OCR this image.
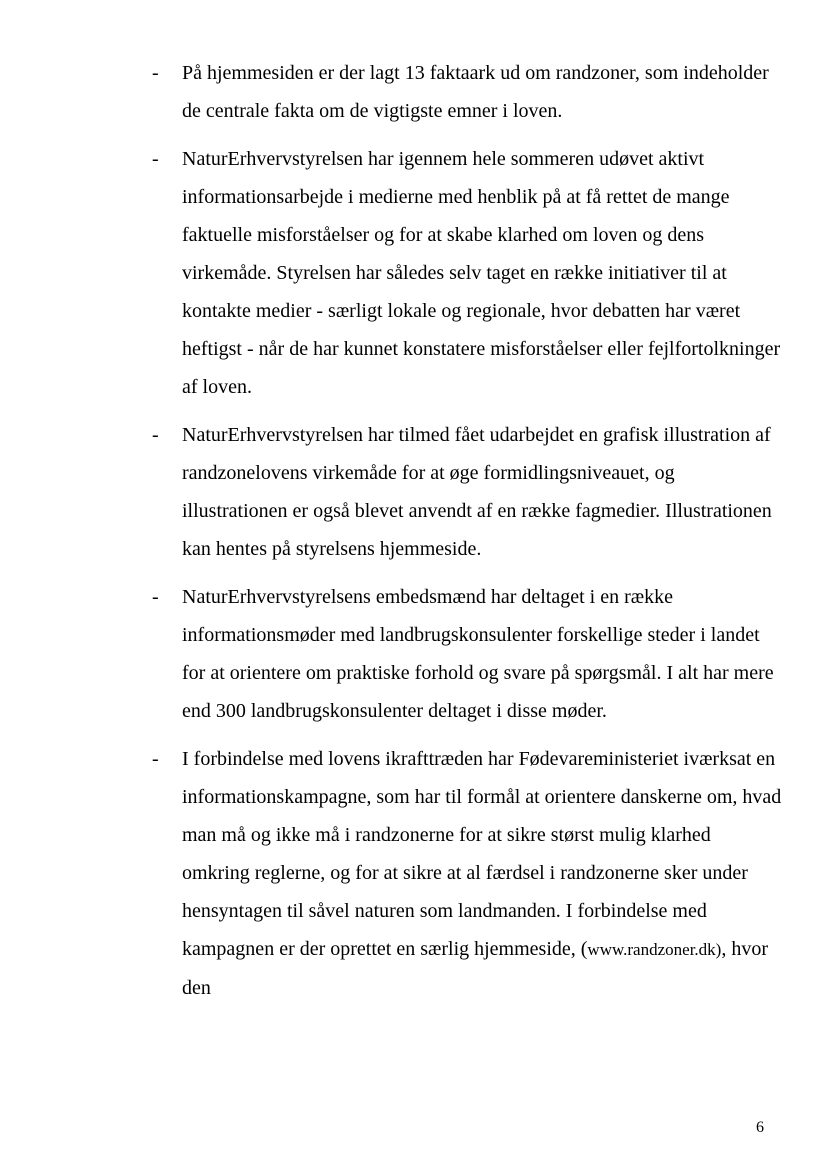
- På hjemmesiden er der lagt 13 faktaark ud om randzoner, som indeholder de centrale fakta om de vigtigste emner i loven.
- NaturErhvervstyrelsen har igennem hele sommeren udøvet aktivt informationsarbejde i medierne med henblik på at få rettet de mange faktuelle misforståelser og for at skabe klarhed om loven og dens virkemåde. Styrelsen har således selv taget en række initiativer til at kontakte medier - særligt lokale og regionale, hvor debatten har været heftigst - når de har kunnet konstatere misforståelser eller fejlfortolkninger af loven.
- NaturErhvervstyrelsen har tilmed fået udarbejdet en grafisk illustration af randzonelovens virkemåde for at øge formidlingsniveauet, og illustrationen er også blevet anvendt af en række fagmedier. Illustrationen kan hentes på styrelsens hjemmeside.
- NaturErhvervstyrelsens embedsmænd har deltaget i en række informationsmøder med landbrugskonsulenter forskellige steder i landet for at orientere om praktiske forhold og svare på spørgsmål. I alt har mere end 300 landbrugskonsulenter deltaget i disse møder.
- I forbindelse med lovens ikrafttræden har Fødevareministeriet iværksat en informationskampagne, som har til formål at orientere danskerne om, hvad man må og ikke må i randzonerne for at sikre størst mulig klarhed omkring reglerne, og for at sikre at al færdsel i randzonerne sker under hensyntagen til såvel naturen som landmanden. I forbindelse med kampagnen er der oprettet en særlig hjemmeside, (www.randzoner.dk), hvor den
6
